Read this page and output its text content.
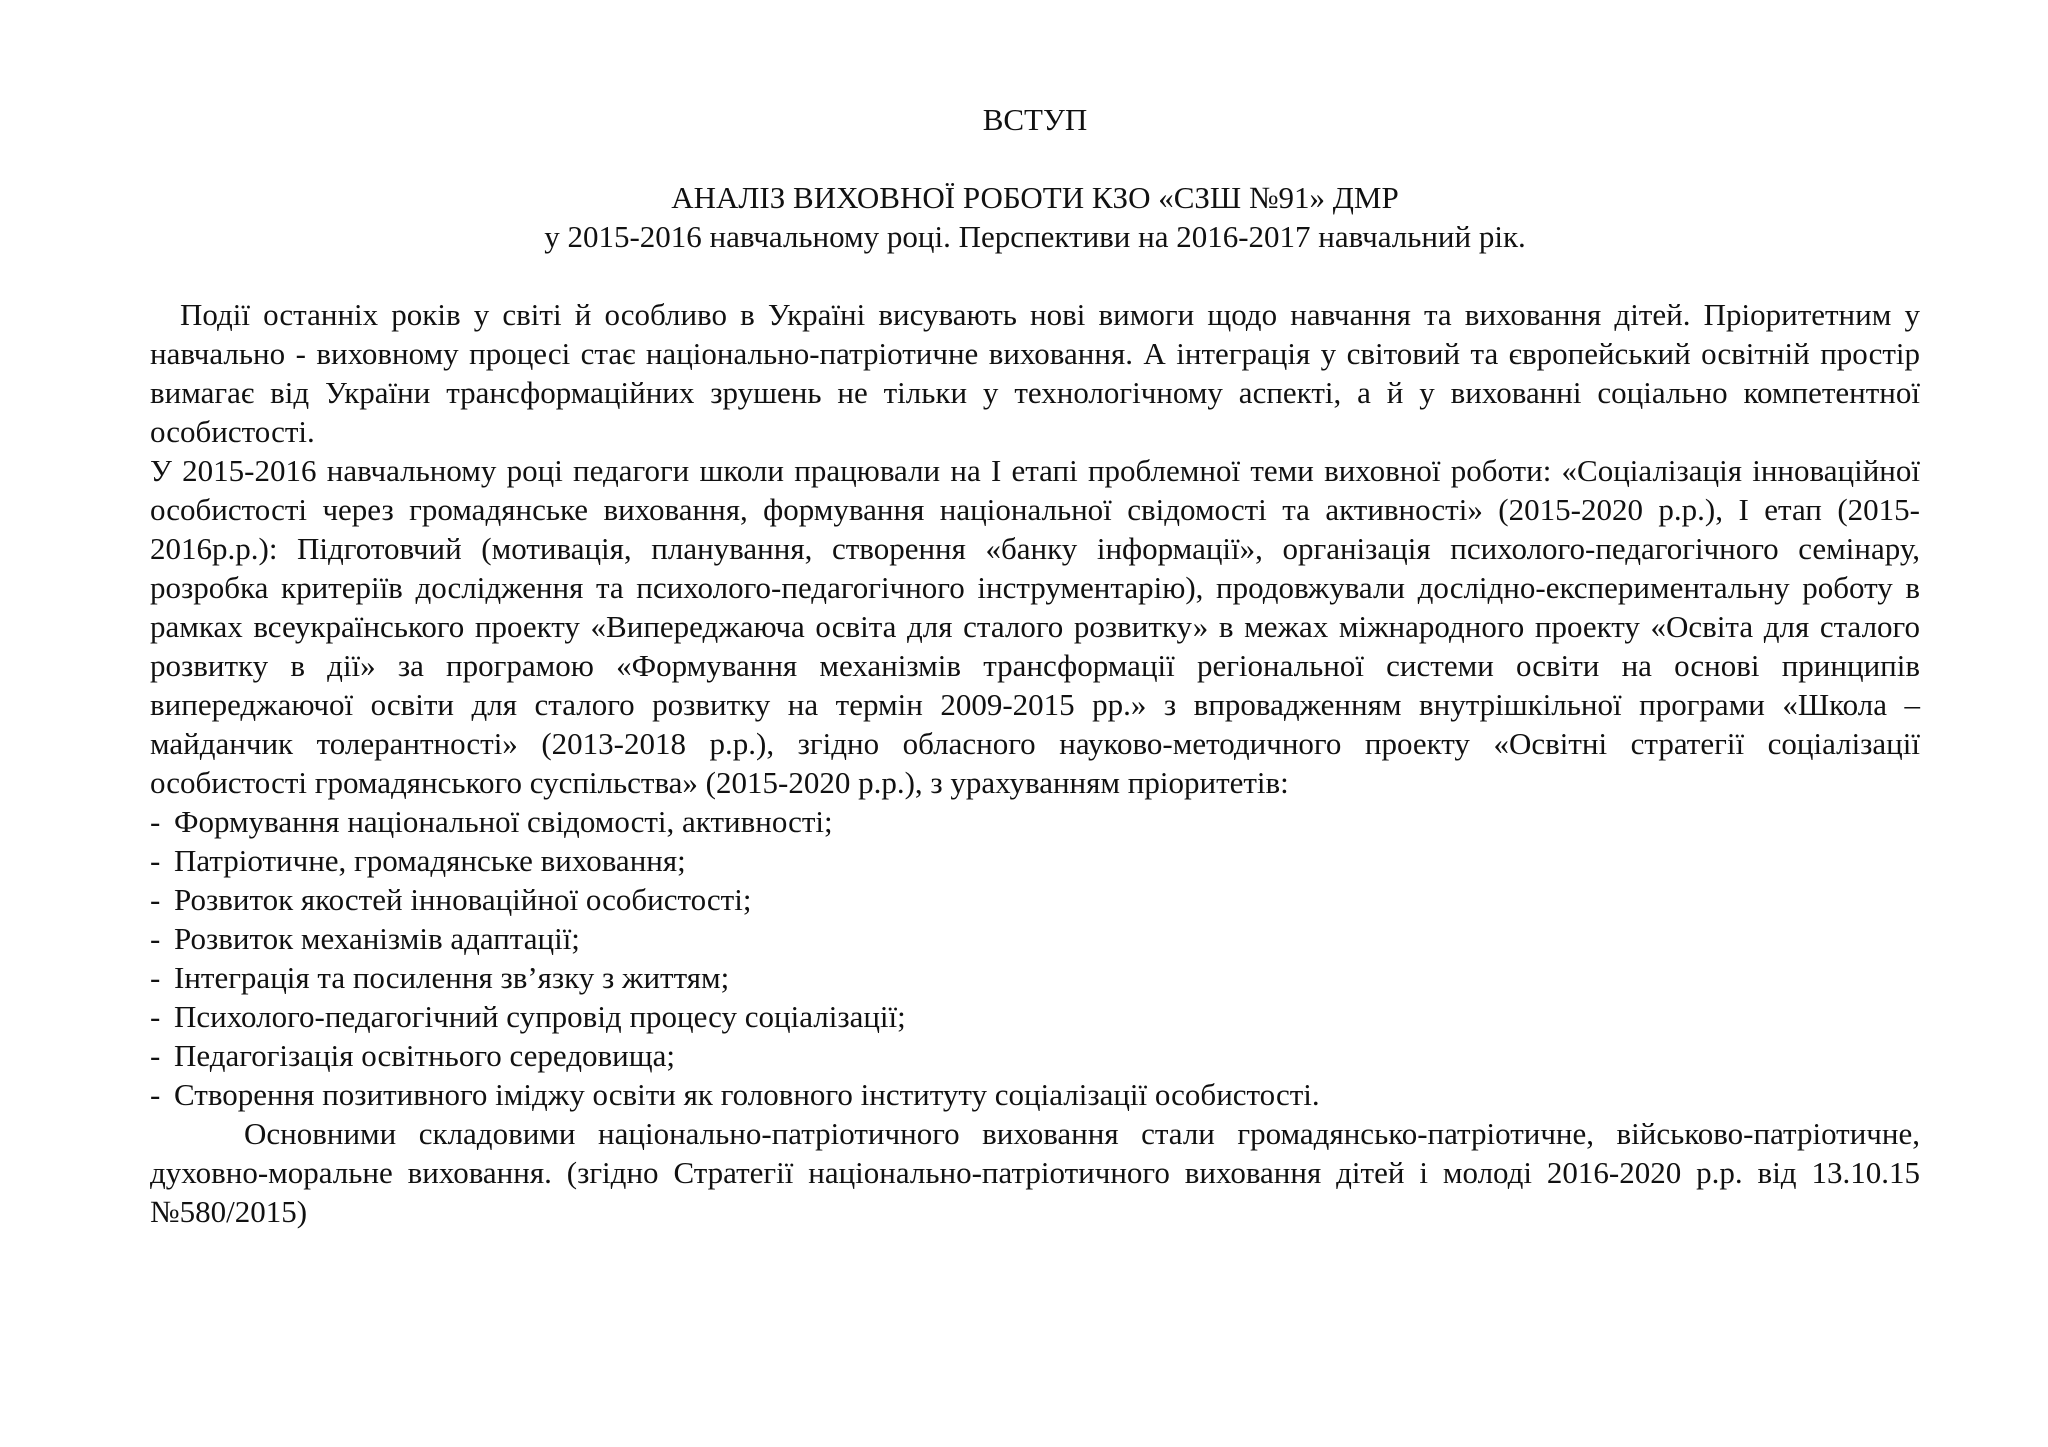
ВСТУП
АНАЛІЗ ВИХОВНОЇ РОБОТИ КЗО «СЗШ №91» ДМР
у 2015-2016 навчальному році. Перспективи на 2016-2017 навчальний рік.

Події останніх років у світі й особливо в Україні висувають нові вимоги щодо навчання та виховання дітей. Пріоритетним у навчально - виховному процесі стає національно-патріотичне виховання. А інтеграція у світовий та європейський освітній простір вимагає від України трансформаційних зрушень не тільки у технологічному аспекті, а й у вихованні соціально компетентної особистості.

У 2015-2016 навчальному році педагоги школи працювали на I етапі проблемної теми виховної роботи: «Соціалізація інноваційної особистості через громадянське виховання, формування національної свідомості та активності» (2015-2020 р.р.), I етап (2015-2016р.р.): Підготовчий (мотивація, планування, створення «банку інформації», організація психолого-педагогічного семінару, розробка критеріїв дослідження та психолого-педагогічного інструментарію), продовжували дослідно-експериментальну роботу в рамках всеукраїнського проекту «Випереджаюча освіта для сталого розвитку» в межах міжнародного проекту «Освіта для сталого розвитку в дії» за програмою «Формування механізмів трансформації регіональної системи освіти на основі принципів випереджаючої освіти для сталого розвитку на термін 2009-2015 рр.» з впровадженням внутрішкільної програми «Школа – майданчик толерантності» (2013-2018 р.р.), згідно обласного науково-методичного проекту «Освітні стратегії соціалізації особистості громадянського суспільства» (2015-2020 р.р.), з урахуванням пріоритетів:

- Формування національної свідомості, активності;
- Патріотичне, громадянське виховання;
- Розвиток якостей інноваційної особистості;
- Розвиток механізмів адаптації;
- Інтеграція та посилення зв’язку з життям;
- Психолого-педагогічний супровід процесу соціалізації;
- Педагогізація освітнього середовища;
- Створення позитивного іміджу освіти як головного інституту соціалізації особистості.

Основними складовими національно-патріотичного виховання стали громадянсько-патріотичне, військово-патріотичне, духовно-моральне виховання. (згідно Стратегії національно-патріотичного виховання дітей і молоді 2016-2020 р.р. від 13.10.15 №580/2015)
